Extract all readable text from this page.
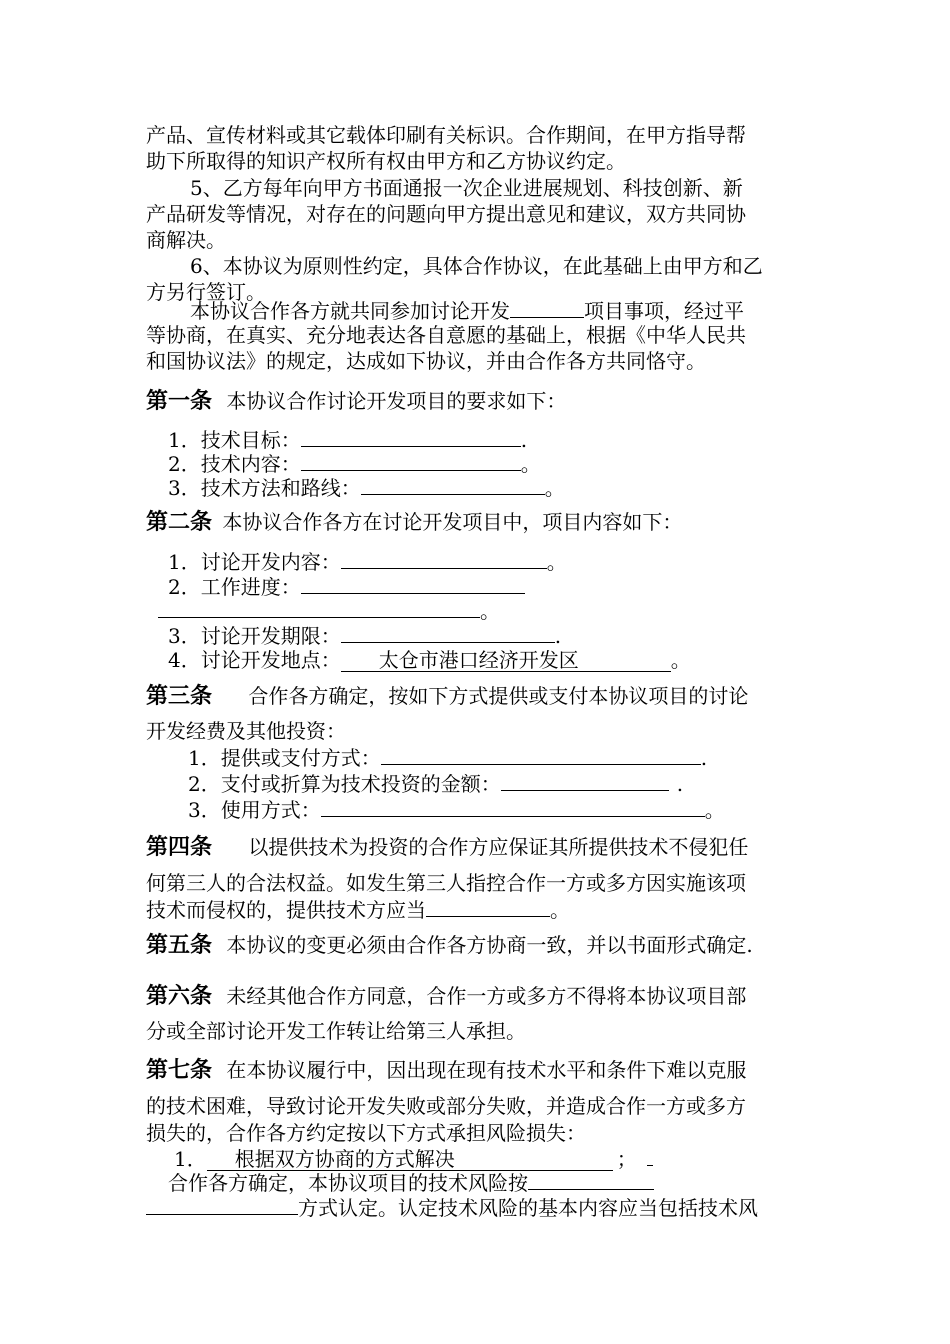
产品、宣传材料或其它载体印刷有关标识。合作期间，在甲方指导帮
助下所取得的知识产权所有权由甲方和乙方协议约定。
5、乙方每年向甲方书面通报一次企业进展规划、科技创新、新
产品研发等情况，对存在的问题向甲方提出意见和建议，双方共同协
商解决。
6、本协议为原则性约定，具体合作协议，在此基础上由甲方和乙
方另行签订。
本协议合作各方就共同参加讨论开发	项目事项，经过平
等协商，在真实、充分地表达各自意愿的基础上，根据《中华人民共
和国协议法》的规定，达成如下协议，并由合作各方共同恪守。
第一条 本协议合作讨论开发项目的要求如下：
1．技术目标：	.
2．技术内容：	。
3．技术方法和路线：	。
第二条 本协议合作各方在讨论开发项目中，项目内容如下：
1．讨论开发内容：	。
2．工作进度：
。
3．讨论开发期限：	.
4．讨论开发地点： 太仓市港口经济开发区	。
第三条 合作各方确定，按如下方式提供或支付本协议项目的讨论
开发经费及其他投资：
1．提供或支付方式：	.
2．支付或折算为技术投资的金额：	.
3．使用方式：	。
第四条 以提供技术为投资的合作方应保证其所提供技术不侵犯任
何第三人的合法权益。如发生第三人指控合作一方或多方因实施该项
技术而侵权的，提供技术方应当	。
第五条 本协议的变更必须由合作各方协商一致，并以书面形式确定.
第六条 未经其他合作方同意，合作一方或多方不得将本协议项目部
分或全部讨论开发工作转让给第三人承担。
第七条 在本协议履行中，因出现在现有技术水平和条件下难以克服
的技术困难，导致讨论开发失败或部分失败，并造成合作一方或多方
损失的，合作各方约定按以下方式承担风险损失：
1． 根据双方协商的方式解决	；
合作各方确定，本协议项目的技术风险按
方式认定。认定技术风险的基本内容应当包括技术风
